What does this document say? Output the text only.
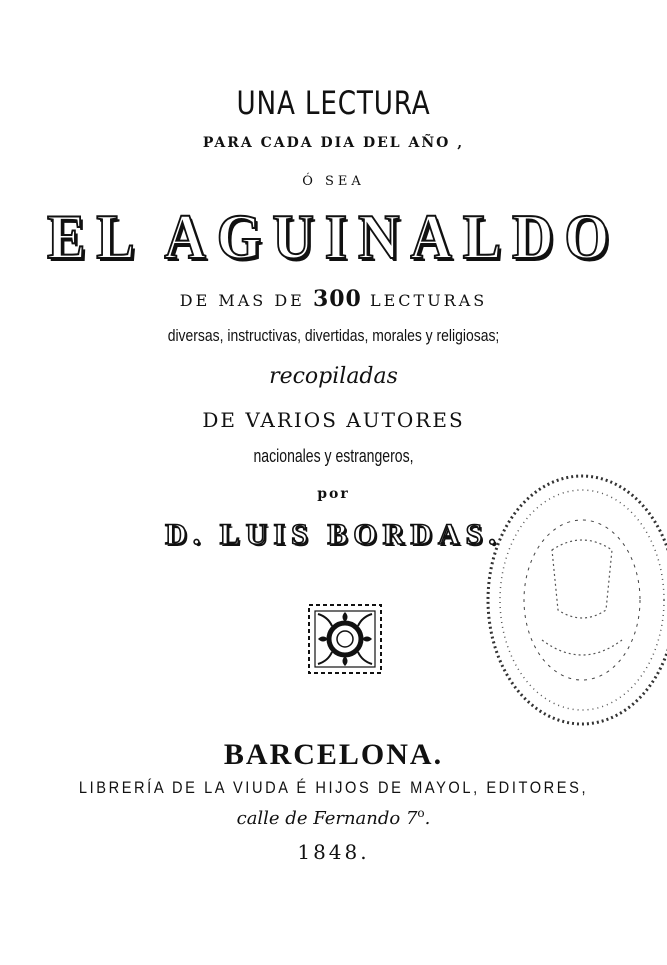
UNA LECTURA
PARA CADA DIA DEL AÑO ,
Ó SEA
EL AGUINALDO
DE MAS DE 300 LECTURAS
diversas, instructivas, divertidas, morales y religiosas;
recopiladas
DE VARIOS AUTORES
nacionales y estrangeros,
por
D. LUIS BORDAS.
BARCELONA.
LIBRERÍA DE LA VIUDA É HIJOS DE MAYOL, EDITORES,
calle de Fernando 7$^o$.
1848.
